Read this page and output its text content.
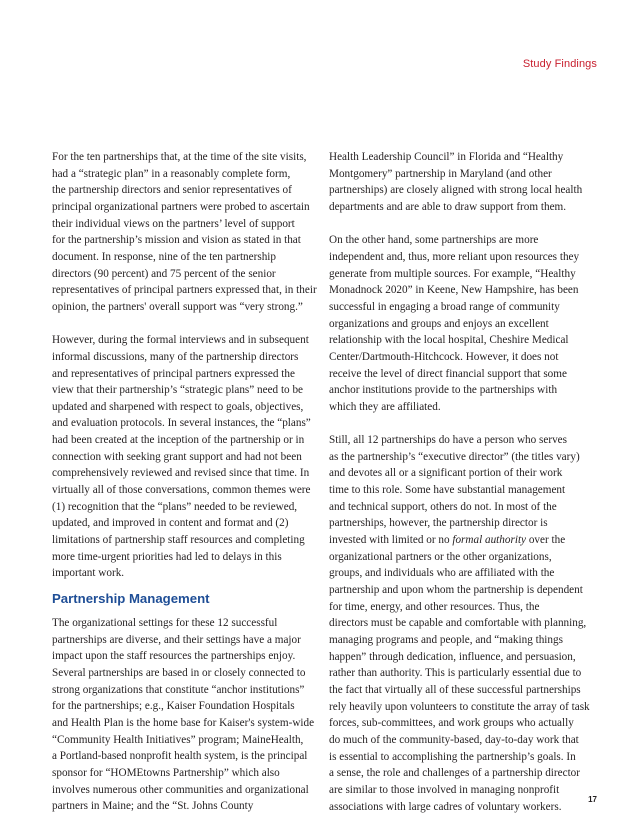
Study Findings
For the ten partnerships that, at the time of the site visits,
had a “strategic plan” in a reasonably complete form,
the partnership directors and senior representatives of
principal organizational partners were probed to ascertain
their individual views on the partners’ level of support
for the partnership’s mission and vision as stated in that
document. In response, nine of the ten partnership
directors (90 percent) and 75 percent of the senior
representatives of principal partners expressed that, in their
opinion, the partners' overall support was “very strong.”
However, during the formal interviews and in subsequent
informal discussions, many of the partnership directors
and representatives of principal partners expressed the
view that their partnership’s “strategic plans” need to be
updated and sharpened with respect to goals, objectives,
and evaluation protocols. In several instances, the “plans”
had been created at the inception of the partnership or in
connection with seeking grant support and had not been
comprehensively reviewed and revised since that time. In
virtually all of those conversations, common themes were
(1) recognition that the “plans” needed to be reviewed,
updated, and improved in content and format and (2)
limitations of partnership staff resources and completing
more time-urgent priorities had led to delays in this
important work.
Partnership Management
The organizational settings for these 12 successful
partnerships are diverse, and their settings have a major
impact upon the staff resources the partnerships enjoy.
Several partnerships are based in or closely connected to
strong organizations that constitute “anchor institutions”
for the partnerships; e.g., Kaiser Foundation Hospitals
and Health Plan is the home base for Kaiser's system-wide
“Community Health Initiatives” program; MaineHealth,
a Portland-based nonprofit health system, is the principal
sponsor for “HOMEtowns Partnership” which also
involves numerous other communities and organizational
partners in Maine; and the “St. Johns County
Health Leadership Council” in Florida and “Healthy
Montgomery” partnership in Maryland (and other
partnerships) are closely aligned with strong local health
departments and are able to draw support from them.
On the other hand, some partnerships are more
independent and, thus, more reliant upon resources they
generate from multiple sources. For example, “Healthy
Monadnock 2020” in Keene, New Hampshire, has been
successful in engaging a broad range of community
organizations and groups and enjoys an excellent
relationship with the local hospital, Cheshire Medical
Center/Dartmouth-Hitchcock. However, it does not
receive the level of direct financial support that some
anchor institutions provide to the partnerships with
which they are affiliated.
Still, all 12 partnerships do have a person who serves
as the partnership’s “executive director” (the titles vary)
and devotes all or a significant portion of their work
time to this role. Some have substantial management
and technical support, others do not. In most of the
partnerships, however, the partnership director is
invested with limited or no formal authority over the
organizational partners or the other organizations,
groups, and individuals who are affiliated with the
partnership and upon whom the partnership is dependent
for time, energy, and other resources. Thus, the
directors must be capable and comfortable with planning,
managing programs and people, and “making things
happen” through dedication, influence, and persuasion,
rather than authority. This is particularly essential due to
the fact that virtually all of these successful partnerships
rely heavily upon volunteers to constitute the array of task
forces, sub-committees, and work groups who actually
do much of the community-based, day-to-day work that
is essential to accomplishing the partnership’s goals. In
a sense, the role and challenges of a partnership director
are similar to those involved in managing nonprofit
associations with large cadres of voluntary workers.
17
